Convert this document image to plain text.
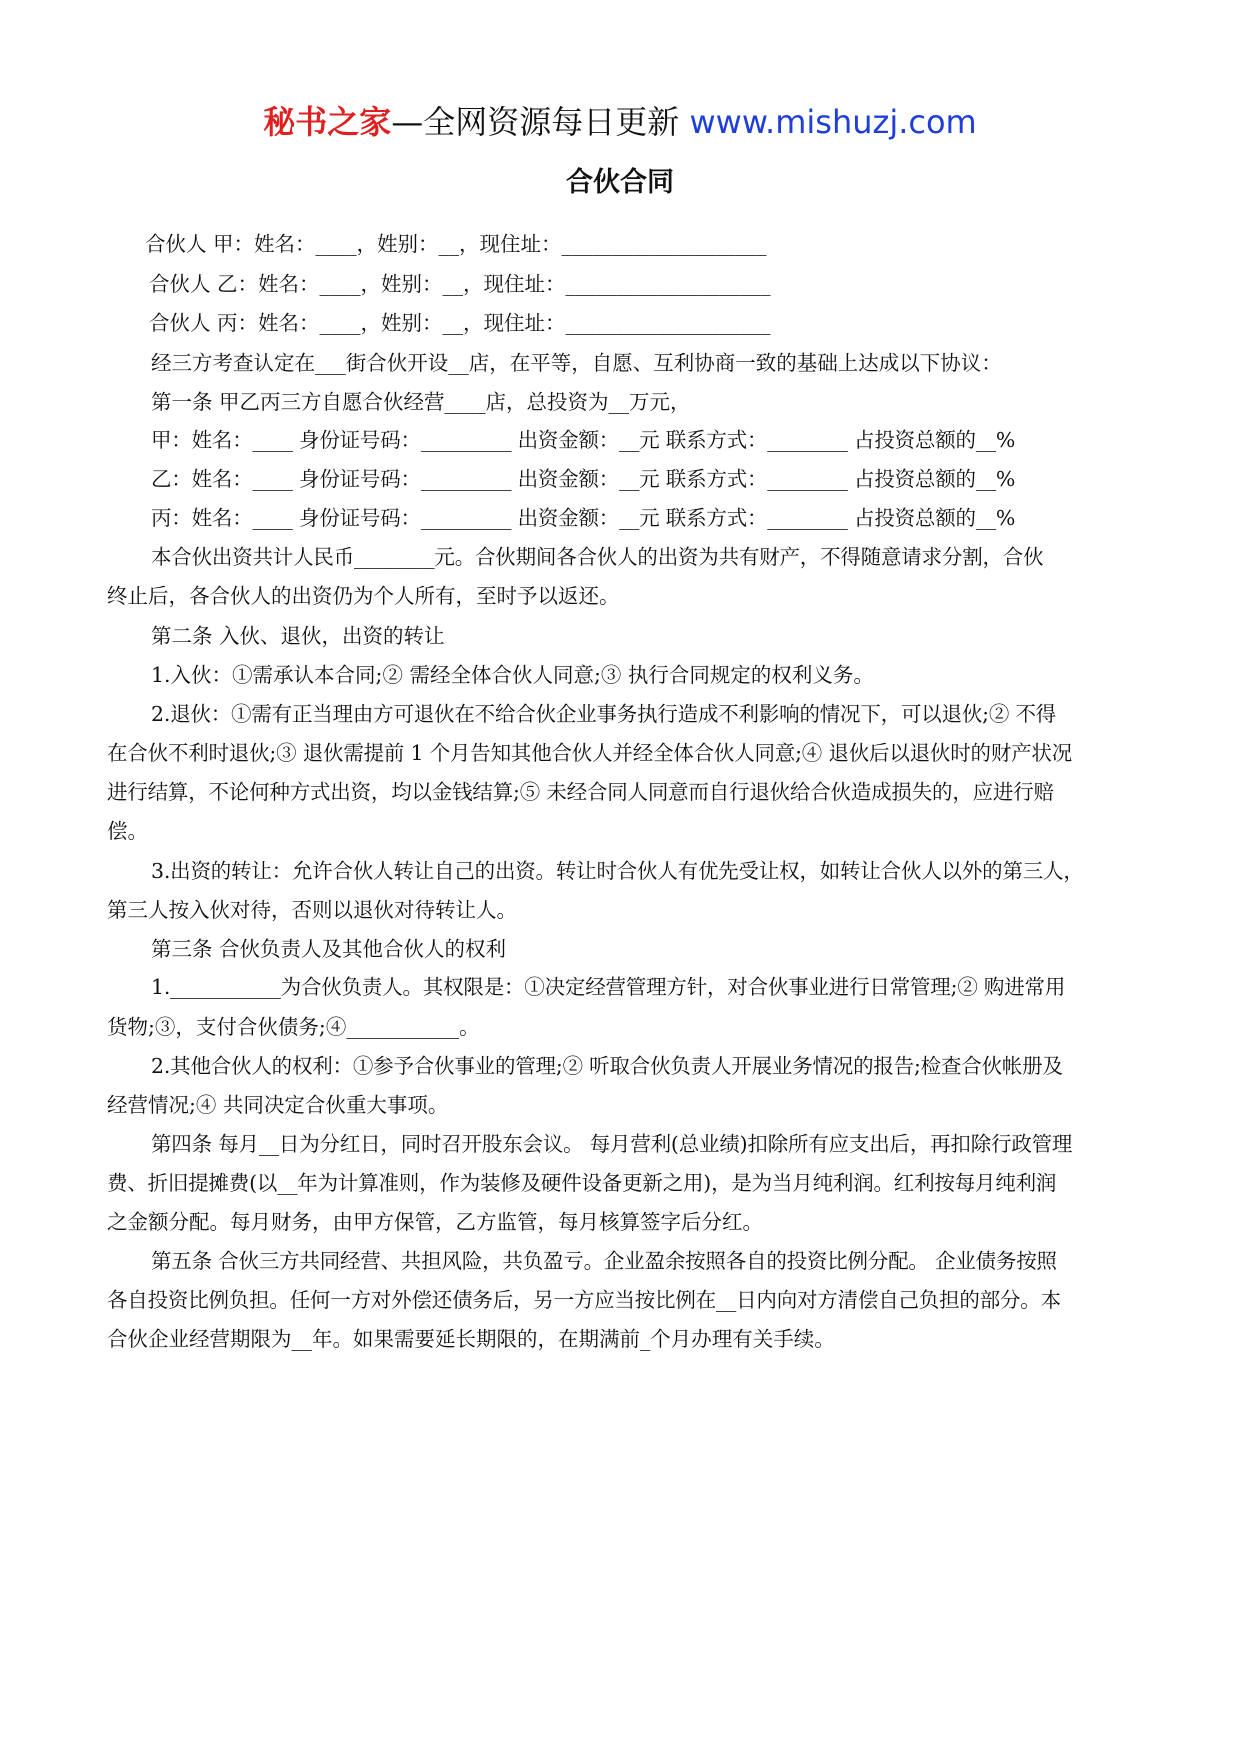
秘书之家—全网资源每日更新 www.mishuzj.com
合伙合同
合伙人 甲：姓名：____，姓别：__，现住址：____________________
合伙人 乙：姓名：____，姓别：__，现住址：____________________
合伙人 丙：姓名：____，姓别：__，现住址：____________________
经三方考查认定在___街合伙开设__店，在平等，自愿、互利协商一致的基础上达成以下协议：
第一条 甲乙丙三方自愿合伙经营____店，总投资为__万元，
甲：姓名：____ 身份证号码：_________ 出资金额：__元 联系方式：________ 占投资总额的__%
乙：姓名：____ 身份证号码：_________ 出资金额：__元 联系方式：________ 占投资总额的__%
丙：姓名：____ 身份证号码：_________ 出资金额：__元 联系方式：________ 占投资总额的__%
本合伙出资共计人民币________元。合伙期间各合伙人的出资为共有财产，不得随意请求分割，合伙
终止后，各合伙人的出资仍为个人所有，至时予以返还。
第二条 入伙、退伙，出资的转让
1.入伙：①需承认本合同;② 需经全体合伙人同意;③ 执行合同规定的权利义务。
2.退伙：①需有正当理由方可退伙在不给合伙企业事务执行造成不利影响的情况下，可以退伙;② 不得
在合伙不利时退伙;③ 退伙需提前 1 个月告知其他合伙人并经全体合伙人同意;④ 退伙后以退伙时的财产状况
进行结算，不论何种方式出资，均以金钱结算;⑤ 未经合同人同意而自行退伙给合伙造成损失的，应进行赔
偿。
3.出资的转让：允许合伙人转让自己的出资。转让时合伙人有优先受让权，如转让合伙人以外的第三人，
第三人按入伙对待，否则以退伙对待转让人。
第三条 合伙负责人及其他合伙人的权利
1.___________为合伙负责人。其权限是：①决定经营管理方针，对合伙事业进行日常管理;② 购进常用
货物;③，支付合伙债务;④___________。
2.其他合伙人的权利：①参予合伙事业的管理;② 听取合伙负责人开展业务情况的报告;检查合伙帐册及
经营情况;④ 共同决定合伙重大事项。
第四条 每月__日为分红日，同时召开股东会议。 每月营利(总业绩)扣除所有应支出后，再扣除行政管理
费、折旧提摊费(以__年为计算准则，作为装修及硬件设备更新之用)，是为当月纯利润。红利按每月纯利润
之金额分配。每月财务，由甲方保管，乙方监管，每月核算签字后分红。
第五条 合伙三方共同经营、共担风险，共负盈亏。企业盈余按照各自的投资比例分配。 企业债务按照
各自投资比例负担。任何一方对外偿还债务后，另一方应当按比例在__日内向对方清偿自己负担的部分。本
合伙企业经营期限为__年。如果需要延长期限的，在期满前_个月办理有关手续。
